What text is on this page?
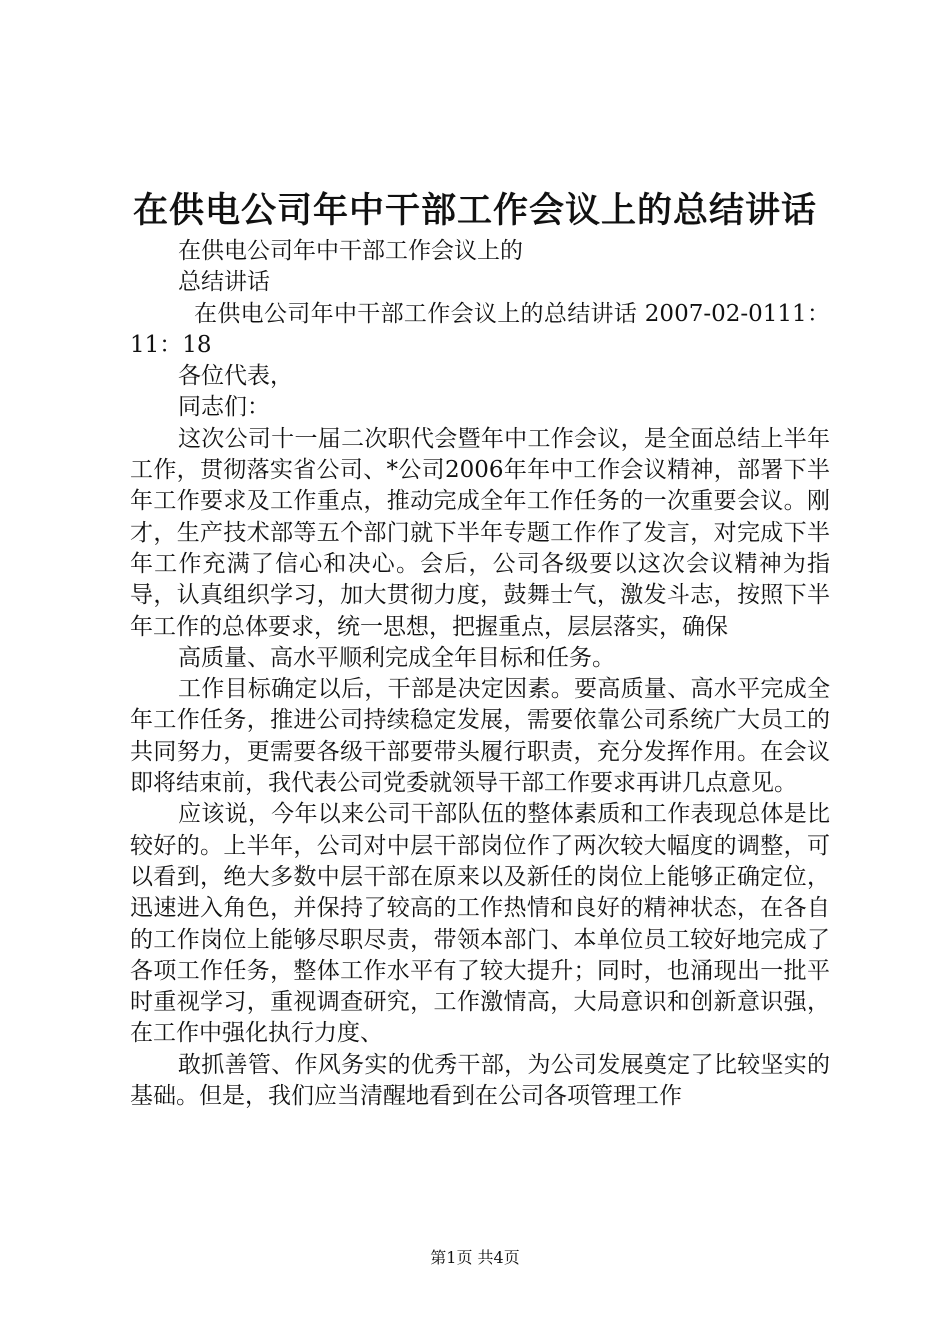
在供电公司年中干部工作会议上的总结讲话

在供电公司年中干部工作会议上的

总结讲话

在供电公司年中干部工作会议上的总结讲话 2007-02-0111：11：18

各位代表，

同志们：

这次公司十一届二次职代会暨年中工作会议，是全面总结上半年工作，贯彻落实省公司、*公司2006年年中工作会议精神，部署下半年工作要求及工作重点，推动完成全年工作任务的一次重要会议。刚才，生产技术部等五个部门就下半年专题工作作了发言，对完成下半年工作充满了信心和决心。会后，公司各级要以这次会议精神为指导，认真组织学习，加大贯彻力度，鼓舞士气，激发斗志，按照下半年工作的总体要求，统一思想，把握重点，层层落实，确保

高质量、高水平顺利完成全年目标和任务。

工作目标确定以后，干部是决定因素。要高质量、高水平完成全年工作任务，推进公司持续稳定发展，需要依靠公司系统广大员工的共同努力，更需要各级干部要带头履行职责，充分发挥作用。在会议即将结束前，我代表公司党委就领导干部工作要求再讲几点意见。

应该说，今年以来公司干部队伍的整体素质和工作表现总体是比较好的。上半年，公司对中层干部岗位作了两次较大幅度的调整，可以看到，绝大多数中层干部在原来以及新任的岗位上能够正确定位，迅速进入角色，并保持了较高的工作热情和良好的精神状态，在各自的工作岗位上能够尽职尽责，带领本部门、本单位员工较好地完成了各项工作任务，整体工作水平有了较大提升；同时，也涌现出一批平时重视学习，重视调查研究，工作激情高，大局意识和创新意识强，在工作中强化执行力度、

敢抓善管、作风务实的优秀干部，为公司发展奠定了比较坚实的基础。但是，我们应当清醒地看到在公司各项管理工作

第1页 共4页
